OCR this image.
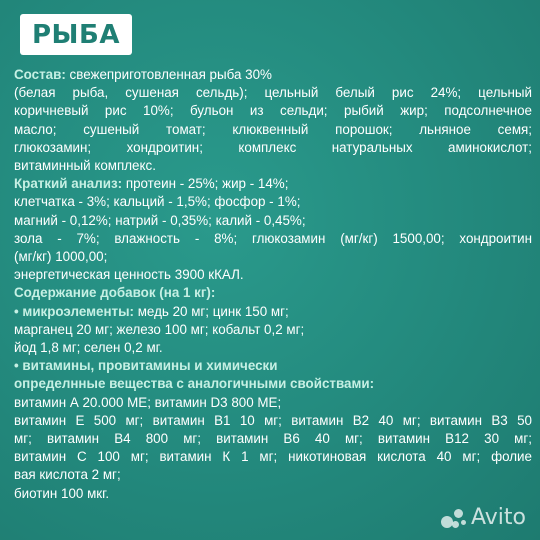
РЫБА

Состав: свежеприготовленная рыба 30%

(белая рыба, сушеная сельдь); цельный белый рис 24%; цельный

коричневый рис 10%; бульон из сельди; рыбий жир; подсолнечное

масло; сушеный томат; клюквенный порошок; льняное семя;

глюкозамин; хондроитин; комплекс натуральных аминокислот;

витаминный комплекс.

Краткий анализ: протеин - 25%; жир - 14%;

клетчатка - 3%; кальций - 1,5%; фосфор - 1%;

магний - 0,12%; натрий - 0,35%; калий - 0,45%;

зола - 7%; влажность - 8%; глюкозамин (мг/кг) 1500,00; хондроитин

(мг/кг) 1000,00;

энергетическая ценность 3900 кКАЛ.

Содержание добавок (на 1 кг):

• микроэлементы: медь 20 мг; цинк 150 мг;

марганец 20 мг; железо 100 мг; кобальт 0,2 мг;

йод 1,8 мг; селен 0,2 мг.

• витамины, провитамины и химически

определнные вещества с аналогичными свойствами:

витамин А 20.000 МЕ; витамин D3 800 МЕ;

витамин Е 500 мг; витамин В1 10 мг; витамин В2 40 мг; витамин В3 50

мг; витамин В4 800 мг; витамин В6 40 мг; витамин В12 30 мг;

витамин С 100 мг; витамин К 1 мг; никотиновая кислота 40 мг; фолие

вая кислота 2 мг;

биотин 100 мкг.

Avito
